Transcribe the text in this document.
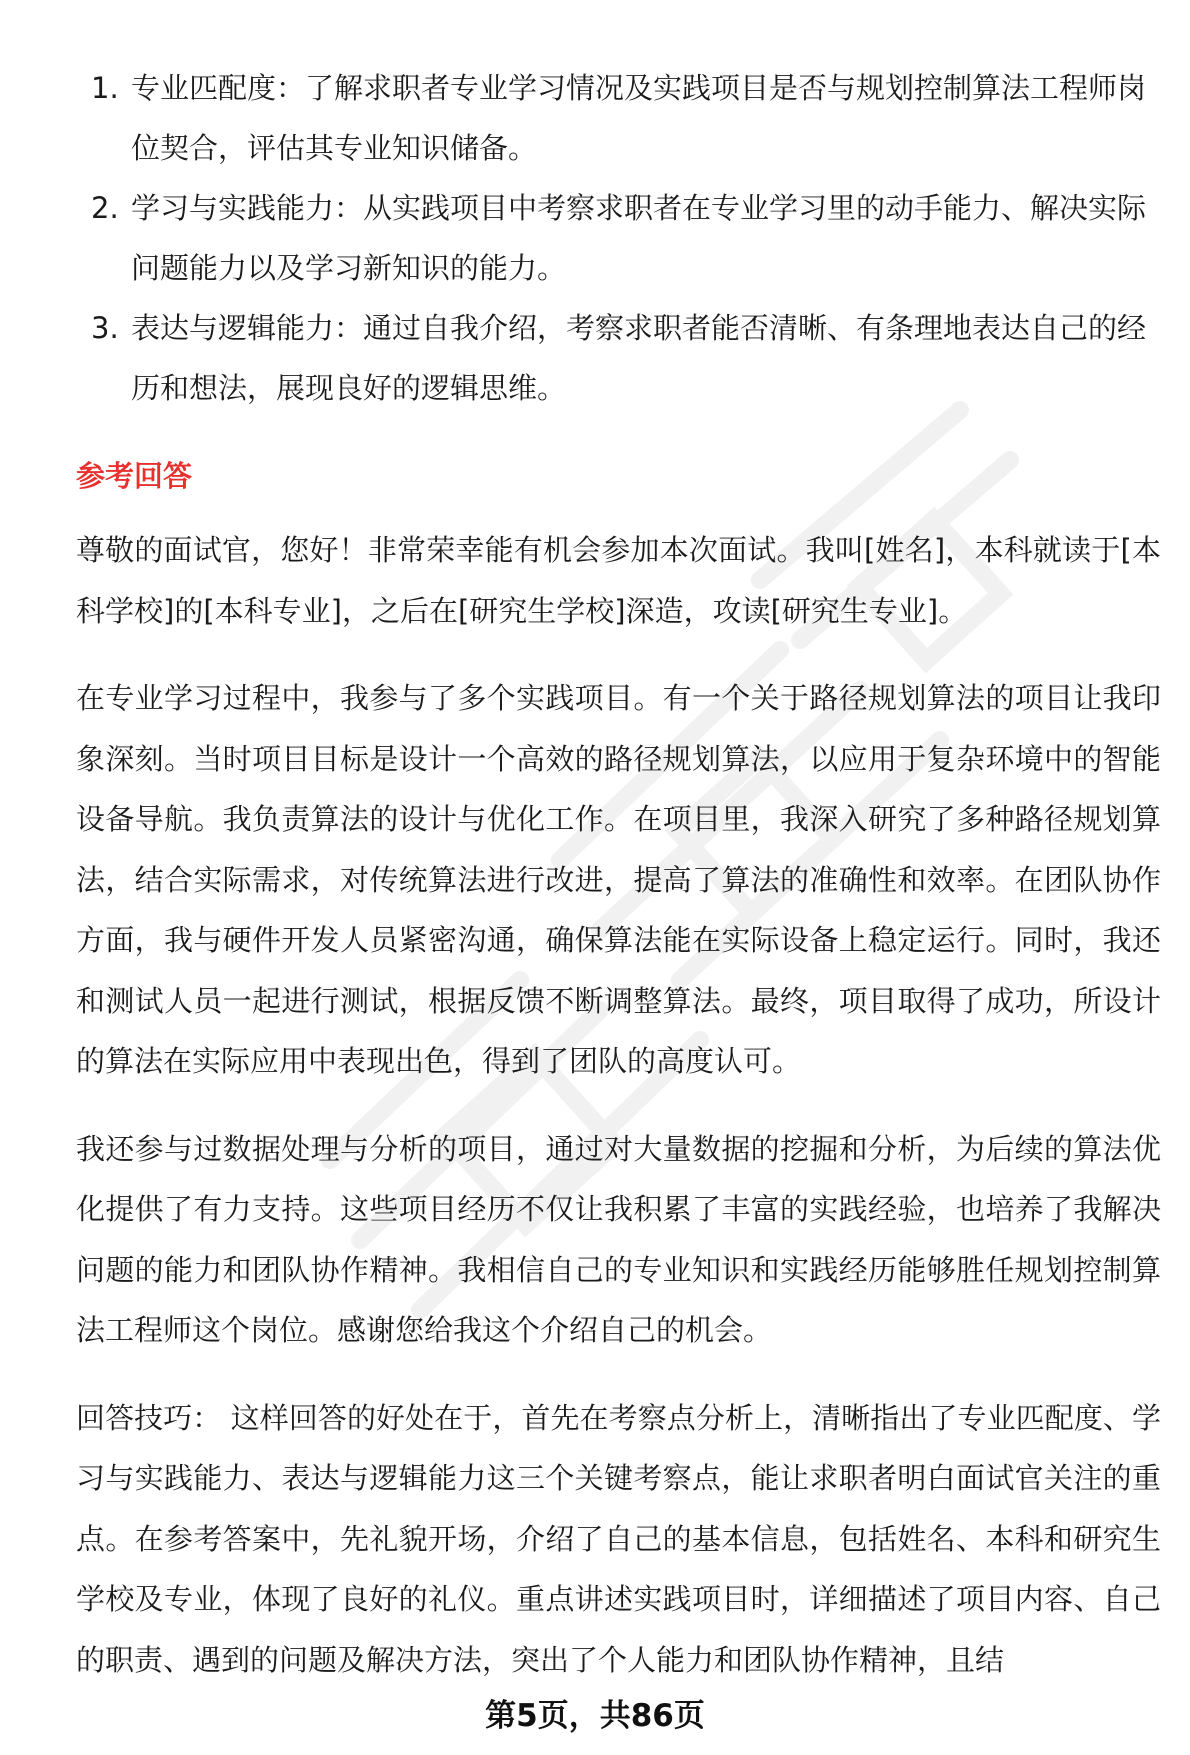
1. 专业匹配度：了解求职者专业学习情况及实践项目是否与规划控制算法工程师岗位契合，评估其专业知识储备。
2. 学习与实践能力：从实践项目中考察求职者在专业学习里的动手能力、解决实际问题能力以及学习新知识的能力。
3. 表达与逻辑能力：通过自我介绍，考察求职者能否清晰、有条理地表达自己的经历和想法，展现良好的逻辑思维。
参考回答

尊敬的面试官，您好！非常荣幸能有机会参加本次面试。我叫[姓名]，本科就读于[本科学校]的[本科专业]，之后在[研究生学校]深造，攻读[研究生专业]。

在专业学习过程中，我参与了多个实践项目。有一个关于路径规划算法的项目让我印象深刻。当时项目目标是设计一个高效的路径规划算法，以应用于复杂环境中的智能设备导航。我负责算法的设计与优化工作。在项目里，我深入研究了多种路径规划算法，结合实际需求，对传统算法进行改进，提高了算法的准确性和效率。在团队协作方面，我与硬件开发人员紧密沟通，确保算法能在实际设备上稳定运行。同时，我还和测试人员一起进行测试，根据反馈不断调整算法。最终，项目取得了成功，所设计的算法在实际应用中表现出色，得到了团队的高度认可。

我还参与过数据处理与分析的项目，通过对大量数据的挖掘和分析，为后续的算法优化提供了有力支持。这些项目经历不仅让我积累了丰富的实践经验，也培养了我解决问题的能力和团队协作精神。我相信自己的专业知识和实践经历能够胜任规划控制算法工程师这个岗位。感谢您给我这个介绍自己的机会。

回答技巧： 这样回答的好处在于，首先在考察点分析上，清晰指出了专业匹配度、学习与实践能力、表达与逻辑能力这三个关键考察点，能让求职者明白面试官关注的重点。在参考答案中，先礼貌开场，介绍了自己的基本信息，包括姓名、本科和研究生学校及专业，体现了良好的礼仪。重点讲述实践项目时，详细描述了项目内容、自己的职责、遇到的问题及解决方法，突出了个人能力和团队协作精神，且结

第5页，共86页
